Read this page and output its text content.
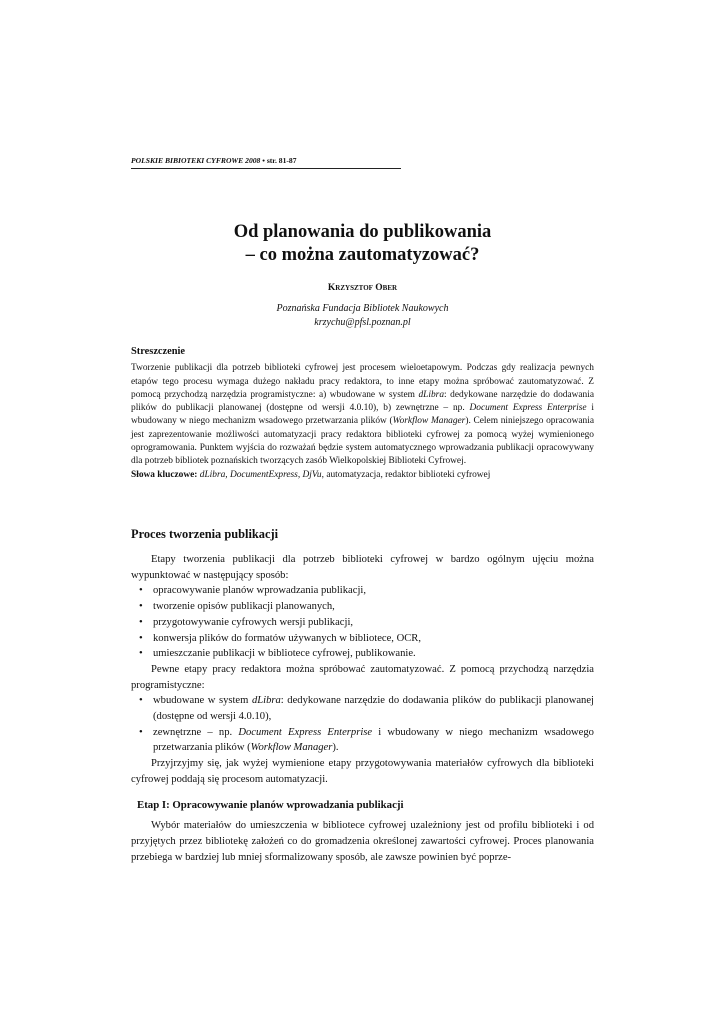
POLSKIE BIBIOTEKI CYFROWE 2008 • str. 81-87
Od planowania do publikowania
– co można zautomatyzować?
Krzysztof Ober
Poznańska Fundacja Bibliotek Naukowych
krzychu@pfsl.poznan.pl
Streszczenie

Tworzenie publikacji dla potrzeb biblioteki cyfrowej jest procesem wieloetapowym. Podczas gdy realizacja pewnych etapów tego procesu wymaga dużego nakładu pracy redaktora, to inne etapy można spróbować zautomatyzować. Z pomocą przychodzą narzędzia programistyczne: a) wbudowane w system dLibra: dedykowane narzędzie do dodawania plików do publikacji planowanej (dostępne od wersji 4.0.10), b) zewnętrzne – np. Document Express Enterprise i wbudowany w niego mechanizm wsadowego przetwarzania plików (Workflow Manager). Celem niniejszego opracowania jest zaprezentowanie możliwości automatyzacji pracy redaktora biblioteki cyfrowej za pomocą wyżej wymienionego oprogramowania. Punktem wyjścia do rozważań będzie system automatycznego wprowadzania publikacji opracowywany dla potrzeb bibliotek poznańskich tworzących zasób Wielkopolskiej Biblioteki Cyfrowej.

Słowa kluczowe: dLibra, DocumentExpress, DjVu, automatyzacja, redaktor biblioteki cyfrowej

Proces tworzenia publikacji

Etapy tworzenia publikacji dla potrzeb biblioteki cyfrowej w bardzo ogólnym ujęciu można wypunktować w następujący sposób:

• opracowywanie planów wprowadzania publikacji,
• tworzenie opisów publikacji planowanych,
• przygotowywanie cyfrowych wersji publikacji,
• konwersja plików do formatów używanych w bibliotece, OCR,
• umieszczanie publikacji w bibliotece cyfrowej, publikowanie.

Pewne etapy pracy redaktora można spróbować zautomatyzować. Z pomocą przychodzą narzędzia programistyczne:

• wbudowane w system dLibra: dedykowane narzędzie do dodawania plików do publikacji planowanej (dostępne od wersji 4.0.10),
• zewnętrzne – np. Document Express Enterprise i wbudowany w niego mechanizm wsadowego przetwarzania plików (Workflow Manager).

Przyjrzyjmy się, jak wyżej wymienione etapy przygotowywania materiałów cyfrowych dla biblioteki cyfrowej poddają się procesom automatyzacji.

Etap I: Opracowywanie planów wprowadzania publikacji

Wybór materiałów do umieszczenia w bibliotece cyfrowej uzależniony jest od profilu biblioteki i od przyjętych przez bibliotekę założeń co do gromadzenia określonej zawartości cyfrowej. Proces planowania przebiega w bardziej lub mniej sformalizowany sposób, ale zawsze powinien być poprze-
